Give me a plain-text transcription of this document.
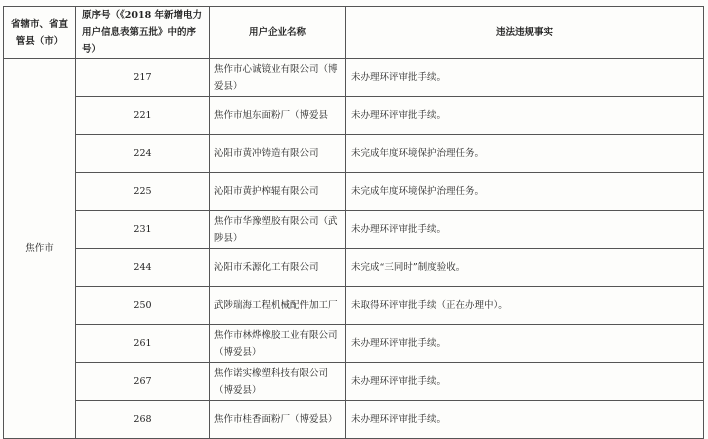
省辖市、省直管县（市）	原序号（《2018 年新增电力用户信息表第五批》中的序号）	用户企业名称	违法违规事实
焦作市	217	焦作市心诚镜业有限公司（博爱县）	未办理环评审批手续。
	221	焦作市旭东面粉厂（博爱县	未办理环评审批手续。
	224	沁阳市黄冲铸造有限公司	未完成年度环境保护治理任务。
	225	沁阳市黄护榨辊有限公司	未完成年度环境保护治理任务。
	231	焦作市华豫塑胶有限公司（武陟县）	未办理环评审批手续。
	244	沁阳市禾源化工有限公司	未完成“三同时”制度验收。
	250	武陟瑞海工程机械配件加工厂	未取得环评审批手续（正在办理中）。
	261	焦作市林烨橡胶工业有限公司（博爱县）	未办理环评审批手续。
	267	焦作诺实橡塑科技有限公司（博爱县）	未办理环评审批手续。
	268	焦作市桂香面粉厂（博爱县）	未办理环评审批手续。
